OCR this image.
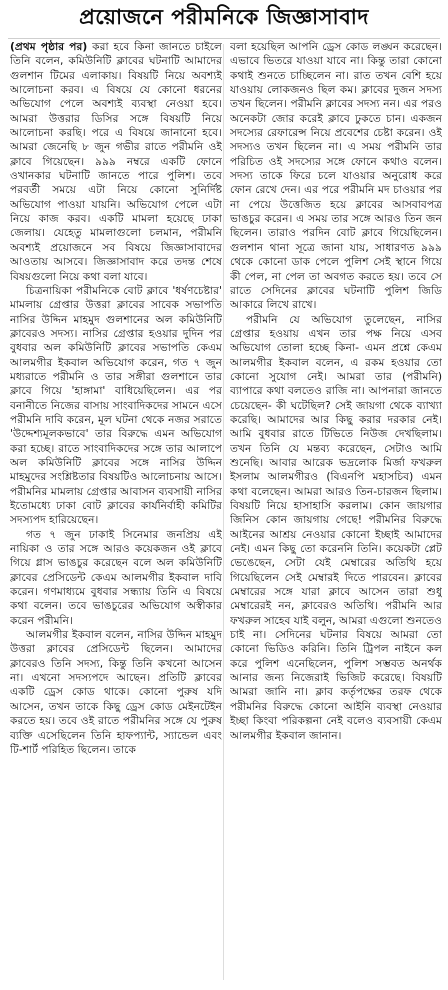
প্রয়োজনে পরীমনিকে জিজ্ঞাসাবাদ

(প্রথম পৃষ্ঠার পর) করা হবে কিনা জানতে চাইলে তিনি বলেন, কমিউনিটি ক্লাবের ঘটনাটি আমাদের গুলশান টিমের এলাকায়। বিষয়টি নিয়ে অবশ্যই আলোচনা করব। এ বিষয়ে যে কোনো ধরনের অভিযোগ পেলে অবশ্যই ব্যবস্থা নেওয়া হবে। আমরা উত্তরার ডিসির সঙ্গে বিষয়টি নিয়ে আলোচনা করছি। পরে এ বিষয়ে জানানো হবে। আমরা জেনেছি ৮ জুন গভীর রাতে পরীমনি ওই ক্লাবে গিয়েছেন। ৯৯৯ নম্বরে একটি ফোনে ওখানকার ঘটনাটি জানতে পারে পুলিশ। তবে পরবর্তী সময়ে এটা নিয়ে কোনো সুনির্দিষ্ট অভিযোগ পাওয়া যায়নি। অভিযোগ পেলে এটা নিয়ে কাজ করব। একটি মামলা হয়েছে ঢাকা জেলায়। যেহেতু মামলাগুলো চলমান, পরীমনি অবশ্যই প্রয়োজনে সব বিষয়ে জিজ্ঞাসাবাদের আওতায় আসবে। জিজ্ঞাসাবাদ করে তদন্ত শেষে বিষয়গুলো নিয়ে কথা বলা যাবে।

চিত্রনায়িকা পরীমনিকে বোট ক্লাবে 'ধর্ষণচেষ্টার' মামলায় গ্রেপ্তার উত্তরা ক্লাবের সাবেক সভাপতি নাসির উদ্দিন মাহমুদ গুলশানের অল কমিউনিটি ক্লাবেরও সদস্য। নাসির গ্রেপ্তার হওয়ার দুদিন পর বুধবার অল কমিউনিটি ক্লাবের সভাপতি কেএম আলমগীর ইকবাল অভিযোগ করেন, গত ৭ জুন মধ্যরাতে পরীমনি ও তার সঙ্গীরা গুলশানে তার ক্লাবে গিয়ে 'হাঙ্গামা' বাধিয়েছিলেন। এর পর বনানীতে নিজের বাসায় সাংবাদিকদের সামনে এসে পরীমনি দাবি করেন, মূল ঘটনা থেকে নজর সরাতে 'উদ্দেশ্যমূলকভাবে' তার বিরুদ্ধে এমন অভিযোগ করা হচ্ছে। রাতে সাংবাদিকদের সঙ্গে তার আলাপে অল কমিউনিটি ক্লাবের সঙ্গে নাসির উদ্দিন মাহমুদের সংশ্লিষ্টতার বিষয়টিও আলোচনায় আসে। পরীমনির মামলায় গ্রেপ্তার আবাসন ব্যবসায়ী নাসির ইতোমধ্যে ঢাকা বোট ক্লাবের কার্যনির্বাহী কমিটির সদস্যপদ হারিয়েছেন।

গত ৭ জুন ঢাকাই সিনেমার জনপ্রিয় এই নায়িকা ও তার সঙ্গে আরও কয়েকজন ওই ক্লাবে গিয়ে গ্লাস ভাঙচুর করেছেন বলে অল কমিউনিটি ক্লাবের প্রেসিডেন্ট কেএম আলমগীর ইকবাল দাবি করেন। গণমাধ্যমে বুধবার সন্ধ্যায় তিনি এ বিষয়ে কথা বলেন। তবে ভাঙচুরের অভিযোগ অস্বীকার করেন পরীমনি।

আলমগীর ইকবাল বলেন, নাসির উদ্দিন মাহমুদ উত্তরা ক্লাবের প্রেসিডেন্ট ছিলেন। আমাদের ক্লাবেরও তিনি সদস্য, কিন্তু তিনি কখনো আসেন না। এখনো সদস্যপদে আছেন। প্রতিটি ক্লাবের একটি ড্রেস কোড থাকে। কোনো পুরুষ যদি আসেন, তখন তাকে কিছু ড্রেস কোড মেইনটেইন করতে হয়। তবে ওই রাতে পরীমনির সঙ্গে যে পুরুষ ব্যক্তি এসেছিলেন তিনি হাফপ্যান্ট, স্যান্ডেল এবং টি-শার্ট পরিহিত ছিলেন। তাকে

বলা হয়েছিল আপনি ড্রেস কোড লঙ্ঘন করেছেন। এভাবে ভিতরে যাওয়া যাবে না। কিন্তু তারা কোনো কথাই শুনতে চাচ্ছিলেন না। রাত তখন বেশি হয়ে যাওয়ায় লোকজনও ছিল কম। ক্লাবের দুজন সদস্য তখন ছিলেন। পরীমনি ক্লাবের সদস্য নন। এর পরও অনেকটা জোর করেই ক্লাবে ঢুকতে চান। একজন সদস্যের রেফারেন্স নিয়ে প্রবেশের চেষ্টা করেন। ওই সদস্যও তখন ছিলেন না। এ সময় পরীমনি তার পরিচিত ওই সদস্যের সঙ্গে ফোনে কথাও বলেন। সদস্য তাকে ফিরে চলে যাওয়ার অনুরোধ করে ফোন রেখে দেন। এর পরে পরীমনি মদ চাওয়ার পর না পেয়ে উত্তেজিত হয়ে ক্লাবের আসবাবপত্র ভাঙচুর করেন। এ সময় তার সঙ্গে আরও তিন জন ছিলেন। তারাও পরদিন বোট ক্লাবে গিয়েছিলেন। গুলশান থানা সূত্রে জানা যায়, সাধারণত ৯৯৯ থেকে কোনো ডাক পেলে পুলিশ সেই স্থানে গিয়ে কী পেল, না পেল তা অবগত করতে হয়। তবে সে রাতে সেদিনের ক্লাবের ঘটনাটি পুলিশ জিডি আকারে লিখে রাখে।

পরীমনি যে অভিযোগ তুলেছেন, নাসির গ্রেপ্তার হওয়ায় এখন তার পক্ষ নিয়ে এসব অভিযোগ তোলা হচ্ছে কিনা- এমন প্রশ্নে কেএম আলমগীর ইকবাল বলেন, এ রকম হওয়ার তো কোনো সুযোগ নেই। আমরা তার (পরীমনি) ব্যাপারে কথা বলতেও রাজি না। আপনারা জানতে চেয়েছেন- কী ঘটেছিল? সেই জায়গা থেকে ব্যাখ্যা করেছি। আমাদের আর কিছু করার দরকার নেই। আমি বুধবার রাতে টিভিতে নিউজ দেখছিলাম। তখন তিনি যে মন্তব্য করেছেন, সেটাও আমি শুনেছি। আবার আরেক ভদ্রলোক মির্জা ফখরুল ইসলাম আলমগীরও (বিএনপি মহাসচিব) এমন কথা বলেছেন। আমরা আরও তিন-চারজন ছিলাম। বিষয়টি নিয়ে হাসাহাসি করলাম। কোন জায়গার জিনিস কোন জায়গায় গেছে! পরীমনির বিরুদ্ধে আইনের আশ্রয় নেওয়ার কোনো ইচ্ছাই আমাদের নেই। এমন কিছু তো করেননি তিনি। কয়েকটা প্লেট ভেঙেছেন, সেটা যেই মেম্বারের অতিথি হয়ে গিয়েছিলেন সেই মেম্বারই দিতে পারবেন। ক্লাবের মেম্বারের সঙ্গে যারা ক্লাবে আসেন তারা শুধু মেম্বারেরই নন, ক্লাবেরও অতিথি। পরীমনি আর ফখরুল সাহেব যাই বলুন, আমরা এগুলো শুনতেও চাই না। সেদিনের ঘটনার বিষয়ে আমরা তো কোনো ভিডিও করিনি। তিনি ট্রিপল নাইনে কল করে পুলিশ এনেছিলেন, পুলিশ সম্ভবত অনর্থক আনার জন্য নিজেরাই ভিজিট করেছে। বিষয়টি আমরা জানি না। ক্লাব কর্তৃপক্ষের তরফ থেকে পরীমনির বিরুদ্ধে কোনো আইনি ব্যবস্থা নেওয়ার ইচ্ছা কিংবা পরিকল্পনা নেই বলেও ব্যবসায়ী কেএম আলমগীর ইকবাল জানান।
